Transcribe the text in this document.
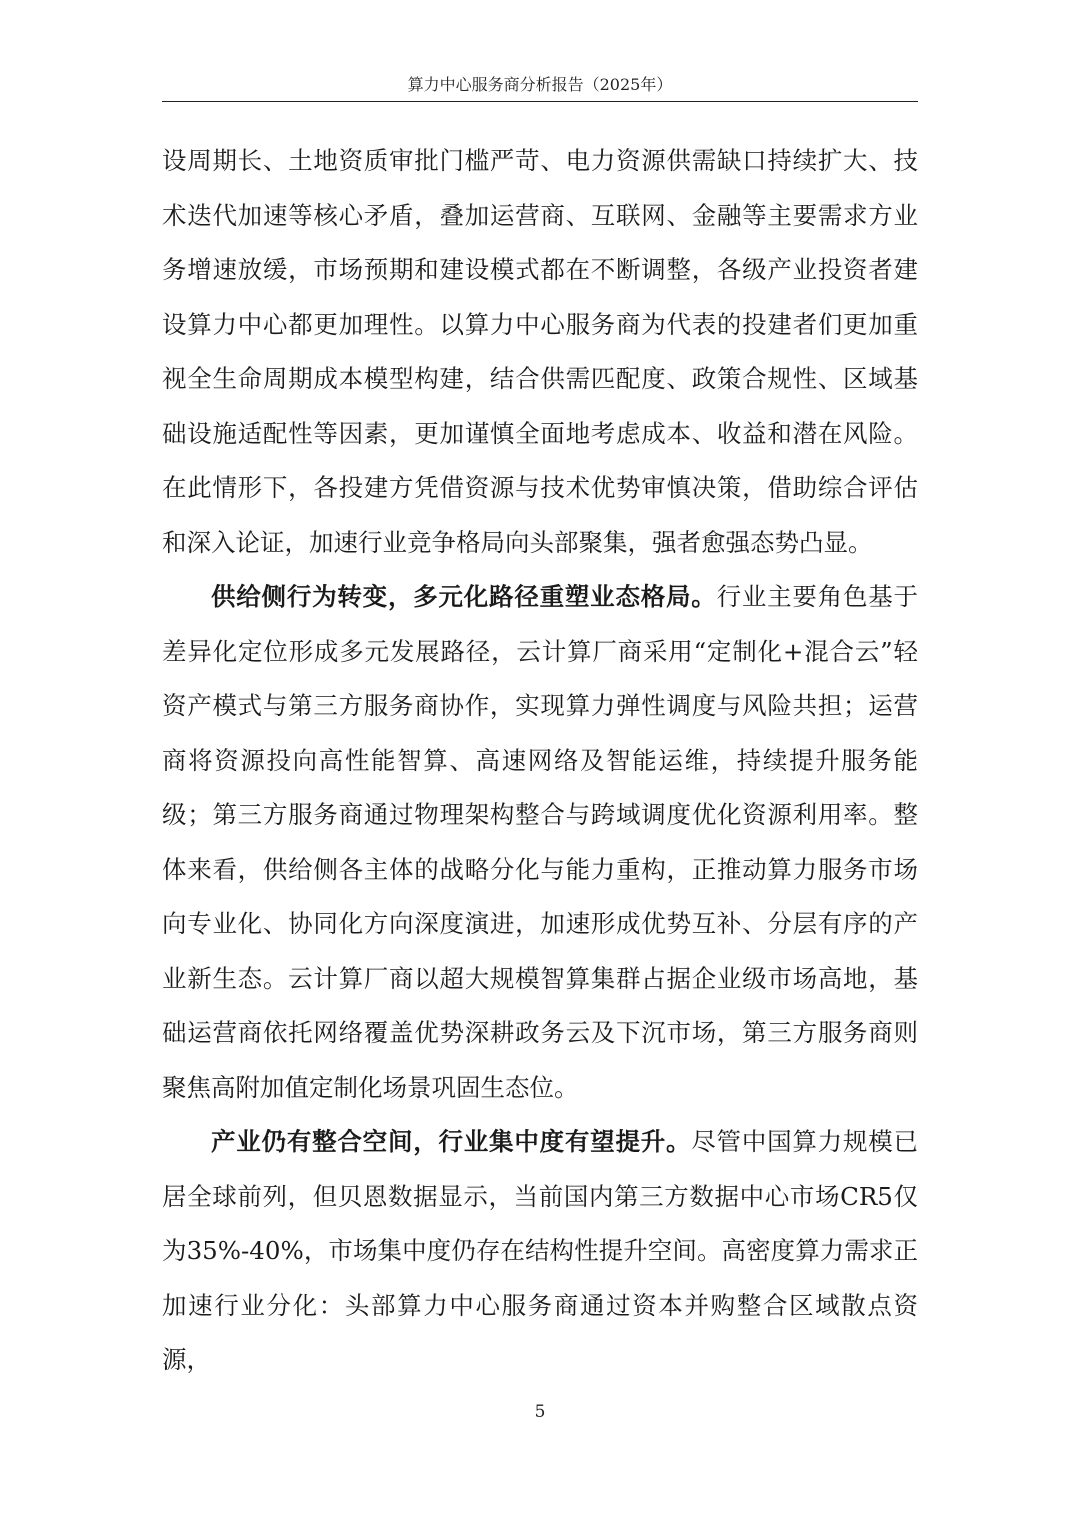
算力中心服务商分析报告（2025年）

设周期长、土地资质审批门槛严苛、电力资源供需缺口持续扩大、技术迭代加速等核心矛盾，叠加运营商、互联网、金融等主要需求方业务增速放缓，市场预期和建设模式都在不断调整，各级产业投资者建设算力中心都更加理性。以算力中心服务商为代表的投建者们更加重视全生命周期成本模型构建，结合供需匹配度、政策合规性、区域基础设施适配性等因素，更加谨慎全面地考虑成本、收益和潜在风险。在此情形下，各投建方凭借资源与技术优势审慎决策，借助综合评估和深入论证，加速行业竞争格局向头部聚集，强者愈强态势凸显。

供给侧行为转变，多元化路径重塑业态格局。行业主要角色基于差异化定位形成多元发展路径，云计算厂商采用“定制化+混合云”轻资产模式与第三方服务商协作，实现算力弹性调度与风险共担；运营商将资源投向高性能智算、高速网络及智能运维，持续提升服务能级；第三方服务商通过物理架构整合与跨域调度优化资源利用率。整体来看，供给侧各主体的战略分化与能力重构，正推动算力服务市场向专业化、协同化方向深度演进，加速形成优势互补、分层有序的产业新生态。云计算厂商以超大规模智算集群占据企业级市场高地，基础运营商依托网络覆盖优势深耕政务云及下沉市场，第三方服务商则聚焦高附加值定制化场景巩固生态位。

产业仍有整合空间，行业集中度有望提升。尽管中国算力规模已居全球前列，但贝恩数据显示，当前国内第三方数据中心市场CR5仅为35%-40%，市场集中度仍存在结构性提升空间。高密度算力需求正加速行业分化：头部算力中心服务商通过资本并购整合区域散点资源，

5
